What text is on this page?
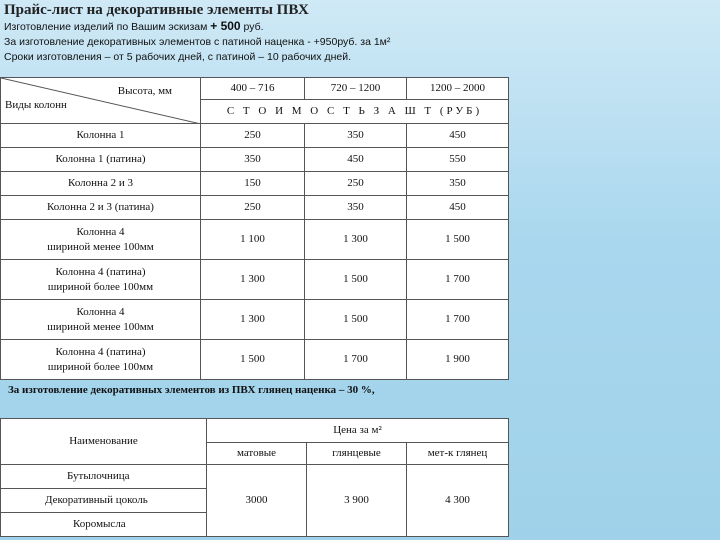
Прайс-лист на декоративные элементы ПВХ
Изготовление изделий по Вашим эскизам + 500 руб.
За изготовление декоративных элементов с патиной наценка - +950руб. за 1м²
Сроки изготовления – от 5 рабочих дней, с патиной – 10 рабочих дней.
Высота, мм
Виды колонн	400 – 716	720 – 1200	1200 – 2000
	С Т О И М О С Т Ь З А Ш Т (РУБ)		

Колонна 1	250	350	450

Колонна 1 (патина)	350	450	550

Колонна 2 и 3	150	250	350

Колонна 2 и 3 (патина)	250	350	450

Колонна 4
шириной менее 100мм	1 100	1 300	1 500

Колонна 4 (патина)
шириной более 100мм	1 300	1 500	1 700

Колонна 4
шириной менее 100мм	1 300	1 500	1 700

Колонна 4 (патина)
шириной более 100мм	1 500	1 700	1 900
За изготовление декоративных элементов из ПВХ глянец наценка – 30 %,
Наименование	Цена за м²		
	матовые	глянцевые	мет-к глянец
Бутылочница	3000	3 900	4 300
Декоративный цоколь			
Коромысла			
